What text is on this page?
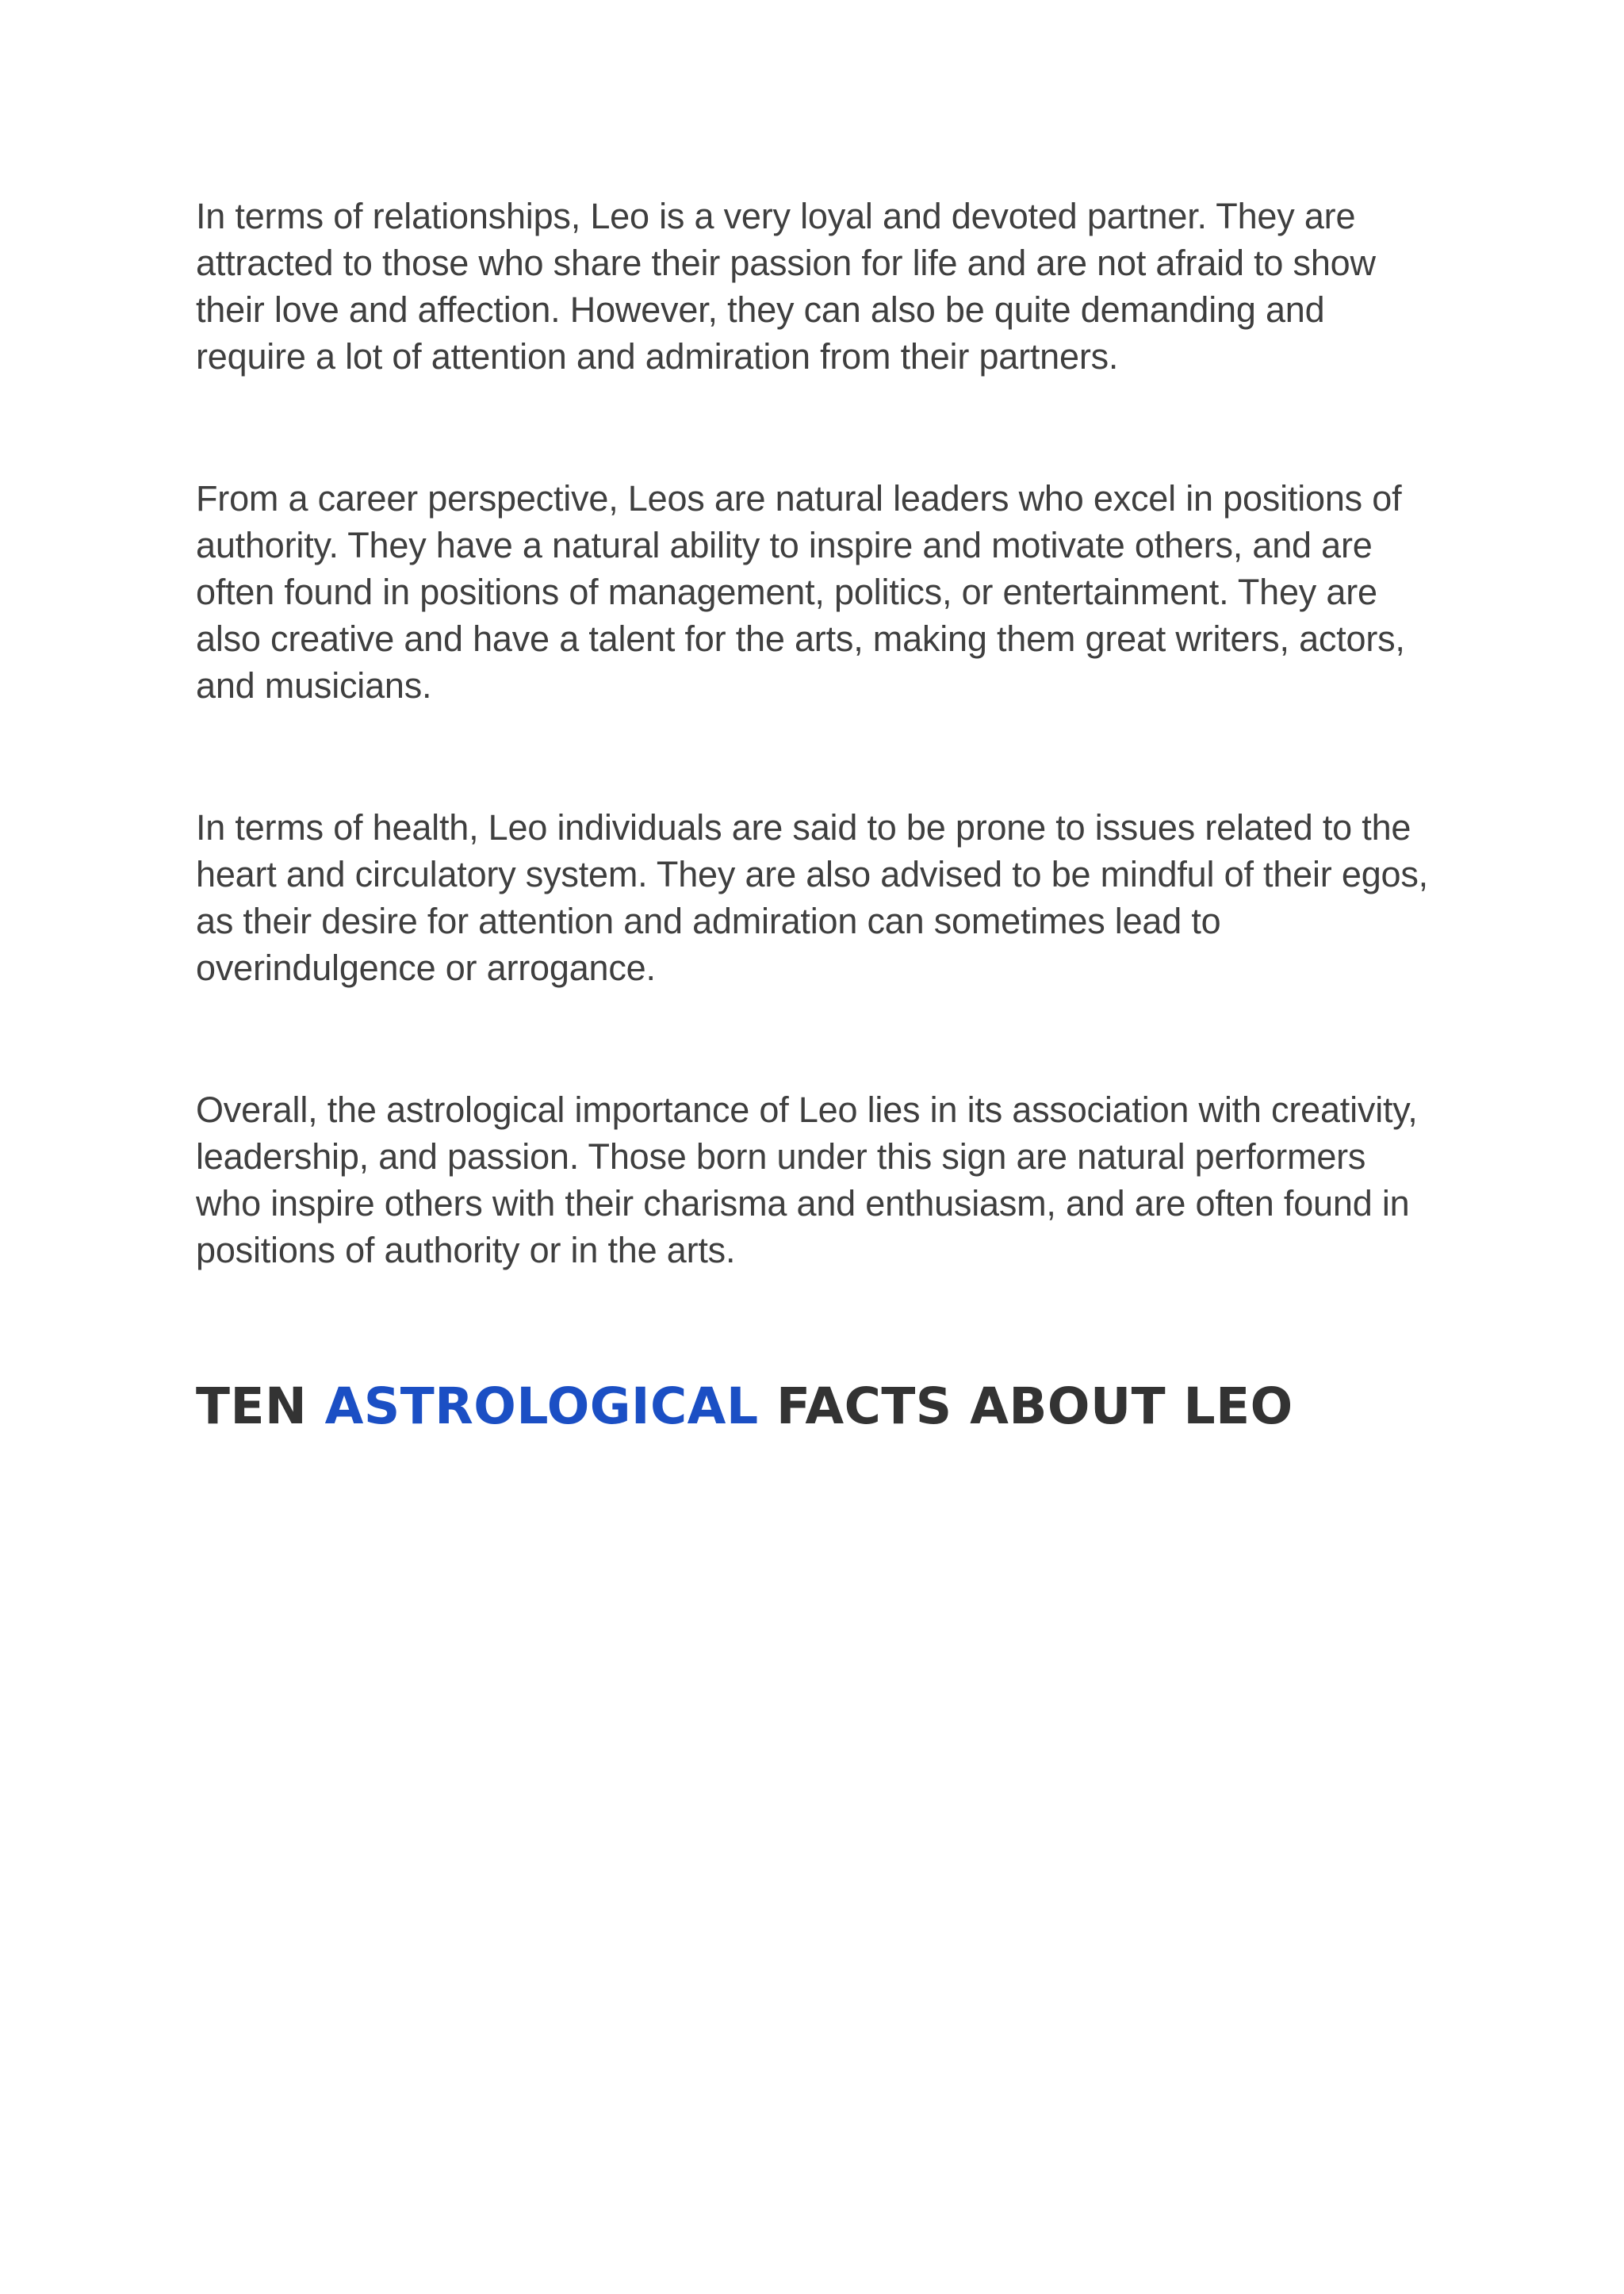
In terms of relationships, Leo is a very loyal and devoted partner. They are attracted to those who share their passion for life and are not afraid to show their love and affection. However, they can also be quite demanding and require a lot of attention and admiration from their partners.

From a career perspective, Leos are natural leaders who excel in positions of authority. They have a natural ability to inspire and motivate others, and are often found in positions of management, politics, or entertainment. They are also creative and have a talent for the arts, making them great writers, actors, and musicians.

In terms of health, Leo individuals are said to be prone to issues related to the heart and circulatory system. They are also advised to be mindful of their egos, as their desire for attention and admiration can sometimes lead to overindulgence or arrogance.

Overall, the astrological importance of Leo lies in its association with creativity, leadership, and passion. Those born under this sign are natural performers who inspire others with their charisma and enthusiasm, and are often found in positions of authority or in the arts.

TEN ASTROLOGICAL FACTS ABOUT LEO
